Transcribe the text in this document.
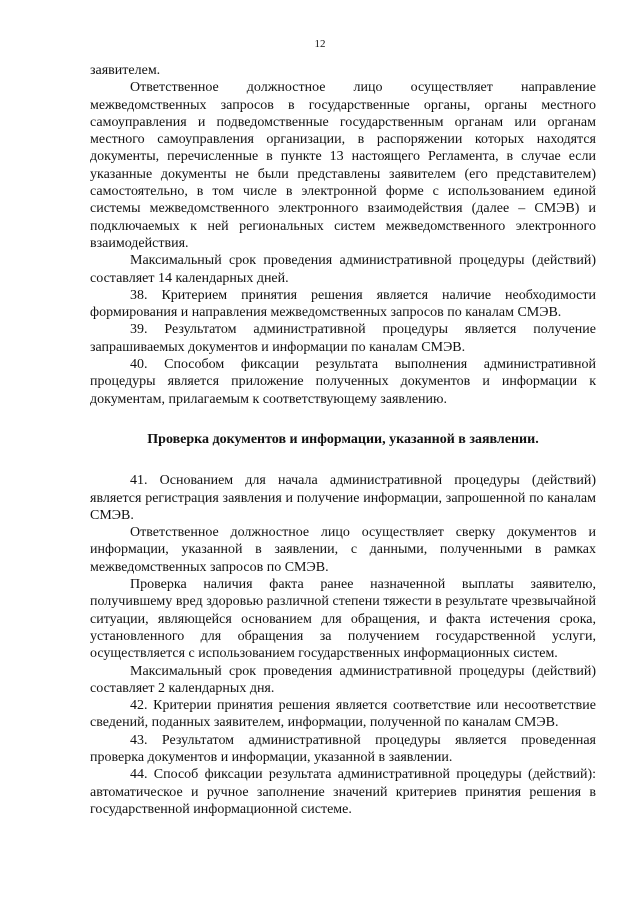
12

заявителем.

Ответственное должностное лицо осуществляет направление межведомственных запросов в государственные органы, органы местного самоуправления и подведомственные государственным органам или органам местного самоуправления организации, в распоряжении которых находятся документы, перечисленные в пункте 13 настоящего Регламента, в случае если указанные документы не были представлены заявителем (его представителем) самостоятельно, в том числе в электронной форме с использованием единой системы межведомственного электронного взаимодействия (далее – СМЭВ) и подключаемых к ней региональных систем межведомственного электронного взаимодействия.

Максимальный срок проведения административной процедуры (действий) составляет 14 календарных дней.

38. Критерием принятия решения является наличие необходимости формирования и направления межведомственных запросов по каналам СМЭВ.

39. Результатом административной процедуры является получение запрашиваемых документов и информации по каналам СМЭВ.

40. Способом фиксации результата выполнения административной процедуры является приложение полученных документов и информации к документам, прилагаемым к соответствующему заявлению.

Проверка документов и информации, указанной в заявлении.

41. Основанием для начала административной процедуры (действий) является регистрация заявления и получение информации, запрошенной по каналам СМЭВ.

Ответственное должностное лицо осуществляет сверку документов и информации, указанной в заявлении, с данными, полученными в рамках межведомственных запросов по СМЭВ.

Проверка наличия факта ранее назначенной выплаты заявителю, получившему вред здоровью различной степени тяжести в результате чрезвычайной ситуации, являющейся основанием для обращения, и факта истечения срока, установленного для обращения за получением государственной услуги, осуществляется с использованием государственных информационных систем.

Максимальный срок проведения административной процедуры (действий) составляет 2 календарных дня.

42. Критерии принятия решения является соответствие или несоответствие сведений, поданных заявителем, информации, полученной по каналам СМЭВ.

43. Результатом административной процедуры является проведенная проверка документов и информации, указанной в заявлении.

44. Способ фиксации результата административной процедуры (действий): автоматическое и ручное заполнение значений критериев принятия решения в государственной информационной системе.
